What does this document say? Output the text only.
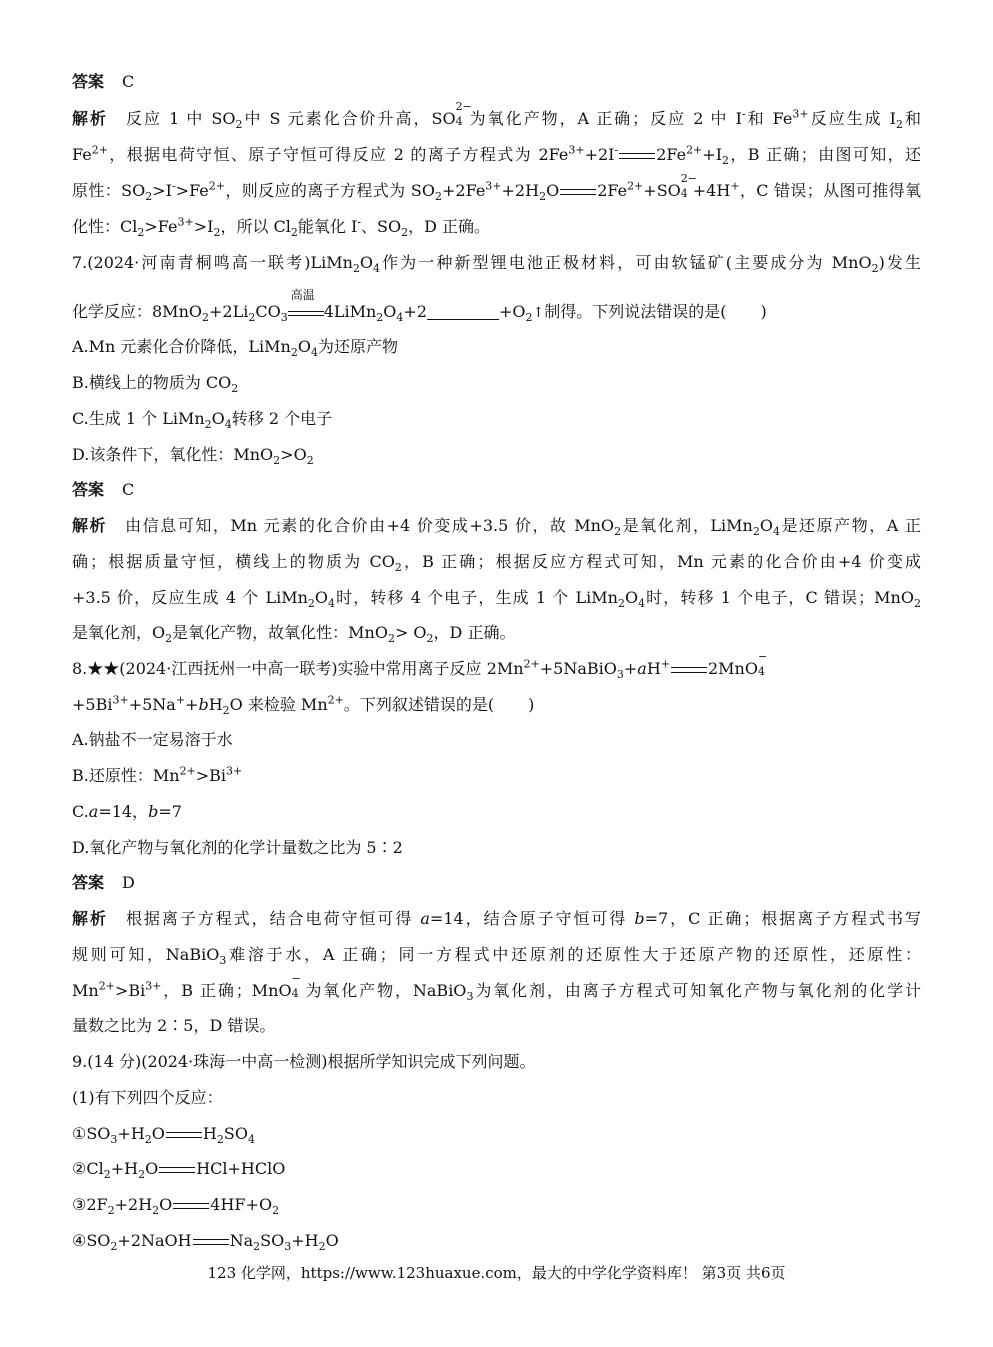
答案 C
解析 反应 1 中 $SO_2$中 S 元素化合价升高，SO
2−
4 为氧化产物，A 正确；反应 2 中 I-和 $Fe^{3+}$反应生成 $I_2$和
$Fe^{2+}$，根据电荷守恒、原子守恒可得反应 2 的离子方程式为 $2Fe^{3+}+2I^-$ $2Fe^{2+}+I_2$，B 正确；由图可知，还
原性：$SO_2>I^->Fe^{2+}$，则反应的离子方程式为 $SO_2+2Fe^{3+}+2H_2O$ $2Fe^{2+}+SO$
2−
4 +4H+，C 错误；从图可推得氧
化性：$Cl_2>Fe^{3+}>I_2$，所以 $Cl_2$能氧化 I-、$SO_2$，D 正确。
7.(2024·河南青桐鸣高一联考)$LiMn_2O_4$作为一种新型锂电池正极材料，可由软锰矿(主要成分为 MnO$_2$)发生
化学反应：$8MnO_2+2Li_2CO_3$
高温
$4LiMn_2O_4+2$	$+O_2↑$制得。下列说法错误的是( )
A.Mn 元素化合价降低，$LiMn_2O_4$为还原产物
B.横线上的物质为 $CO_2$
C.生成 1 个 $LiMn_2O_4$转移 2 个电子
D.该条件下，氧化性：$MnO_2>O_2$
答案 C
解析 由信息可知，Mn 元素的化合价由+4 价变成+3.5 价，故 MnO$_2$是氧化剂，$LiMn_2O_4$是还原产物，A 正
确；根据质量守恒，横线上的物质为 $CO_2$，B 正确；根据反应方程式可知，Mn 元素的化合价由+4 价变成
+3.5 价，反应生成 4 个 $LiMn_2O_4$时，转移 4 个电子，生成 1 个 $LiMn_2O_4$时，转移 1 个电子，C 错误；MnO$_2$
是氧化剂，$O_2$是氧化产物，故氧化性：$MnO_2> O_2$，D 正确。
8.★★(2024·江西抚州一中高一联考)实验中常用离子反应 $2Mn^{2+}+5NaBiO_3+aH^+$ 2MnO
−
4
$+5Bi^{3+}+5Na^++bH_2O$ 来检验 $Mn^{2+}$。下列叙述错误的是( )
A.钠盐不一定易溶于水
B.还原性：$Mn^{2+}>Bi^{3+}$
C.a=14，b=7
D.氧化产物与氧化剂的化学计量数之比为 5∶2
答案 D
解析 根据离子方程式，结合电荷守恒可得 a=14，结合原子守恒可得 b=7，C 正确；根据离子方程式书写
规则可知，NaBiO$_3$难溶于水，A 正确；同一方程式中还原剂的还原性大于还原产物的还原性，还原性：
$Mn^{2+}>Bi^{3+}$，B 正确；MnO
−
4 为氧化产物，NaBiO$_3$为氧化剂，由离子方程式可知氧化产物与氧化剂的化学计
量数之比为 2∶5，D 错误。
9.(14 分)(2024·珠海一中高一检测)根据所学知识完成下列问题。
(1)有下列四个反应：
$①SO_3+H_2O$ $H_2SO_4$
$②Cl_2+H_2O$ HCl+HClO
$③2F_2+2H_2O$ $4HF+O_2$
$④SO_2+2NaOH$ $Na_2SO_3+H_2O$
123 化学网，https://www.123huaxue.com，最大的中学化学资料库！ 第3页 共6页
